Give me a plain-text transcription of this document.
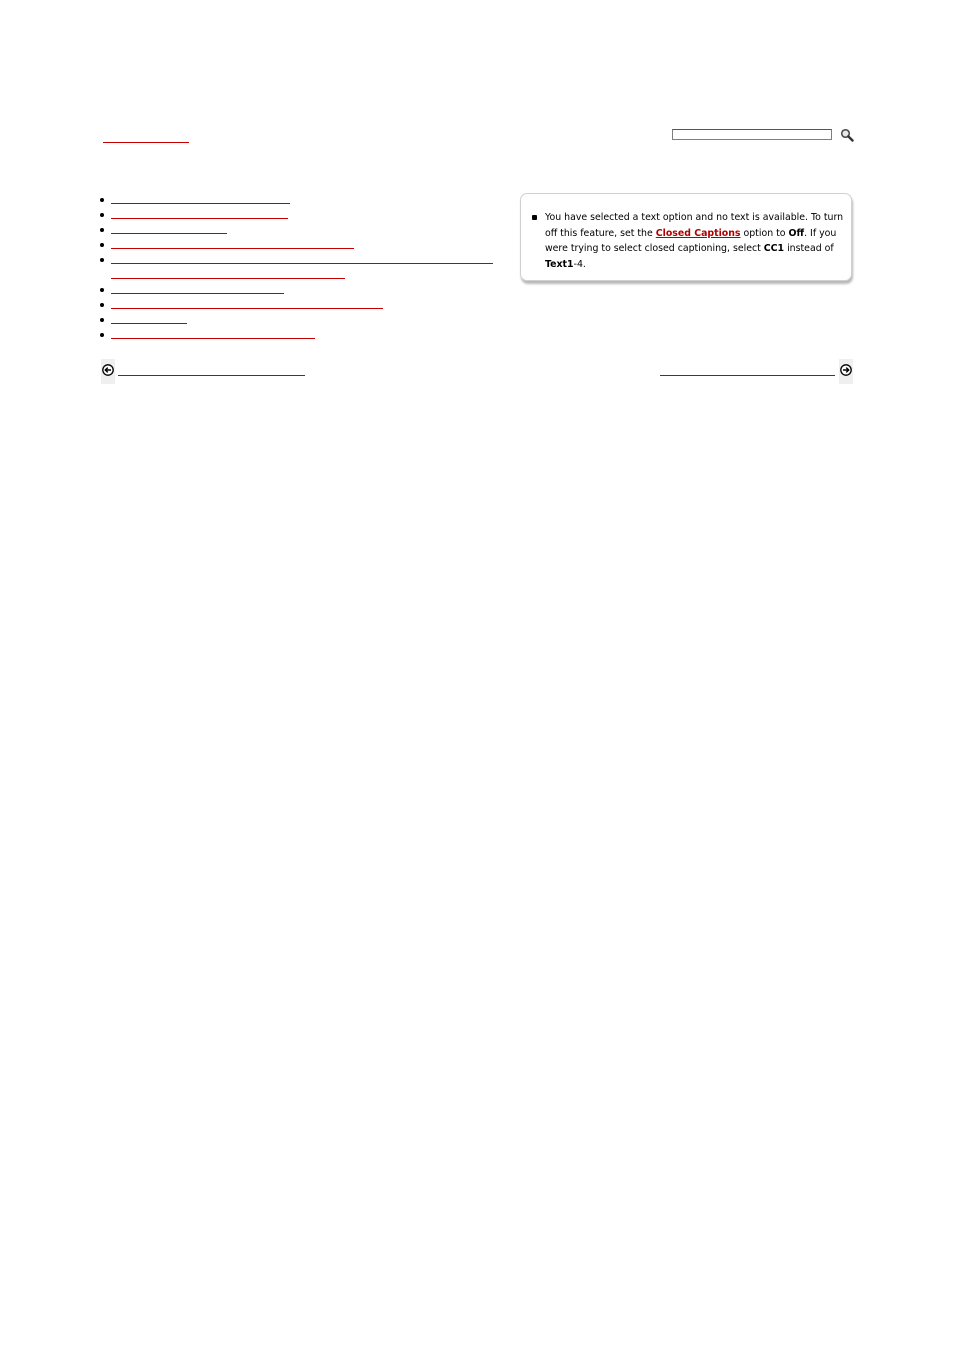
You have selected a text option and no text is available. To turn off this feature, set the Closed Captions option to Off. If you were trying to select closed captioning, select CC1 instead of Text1-4.
